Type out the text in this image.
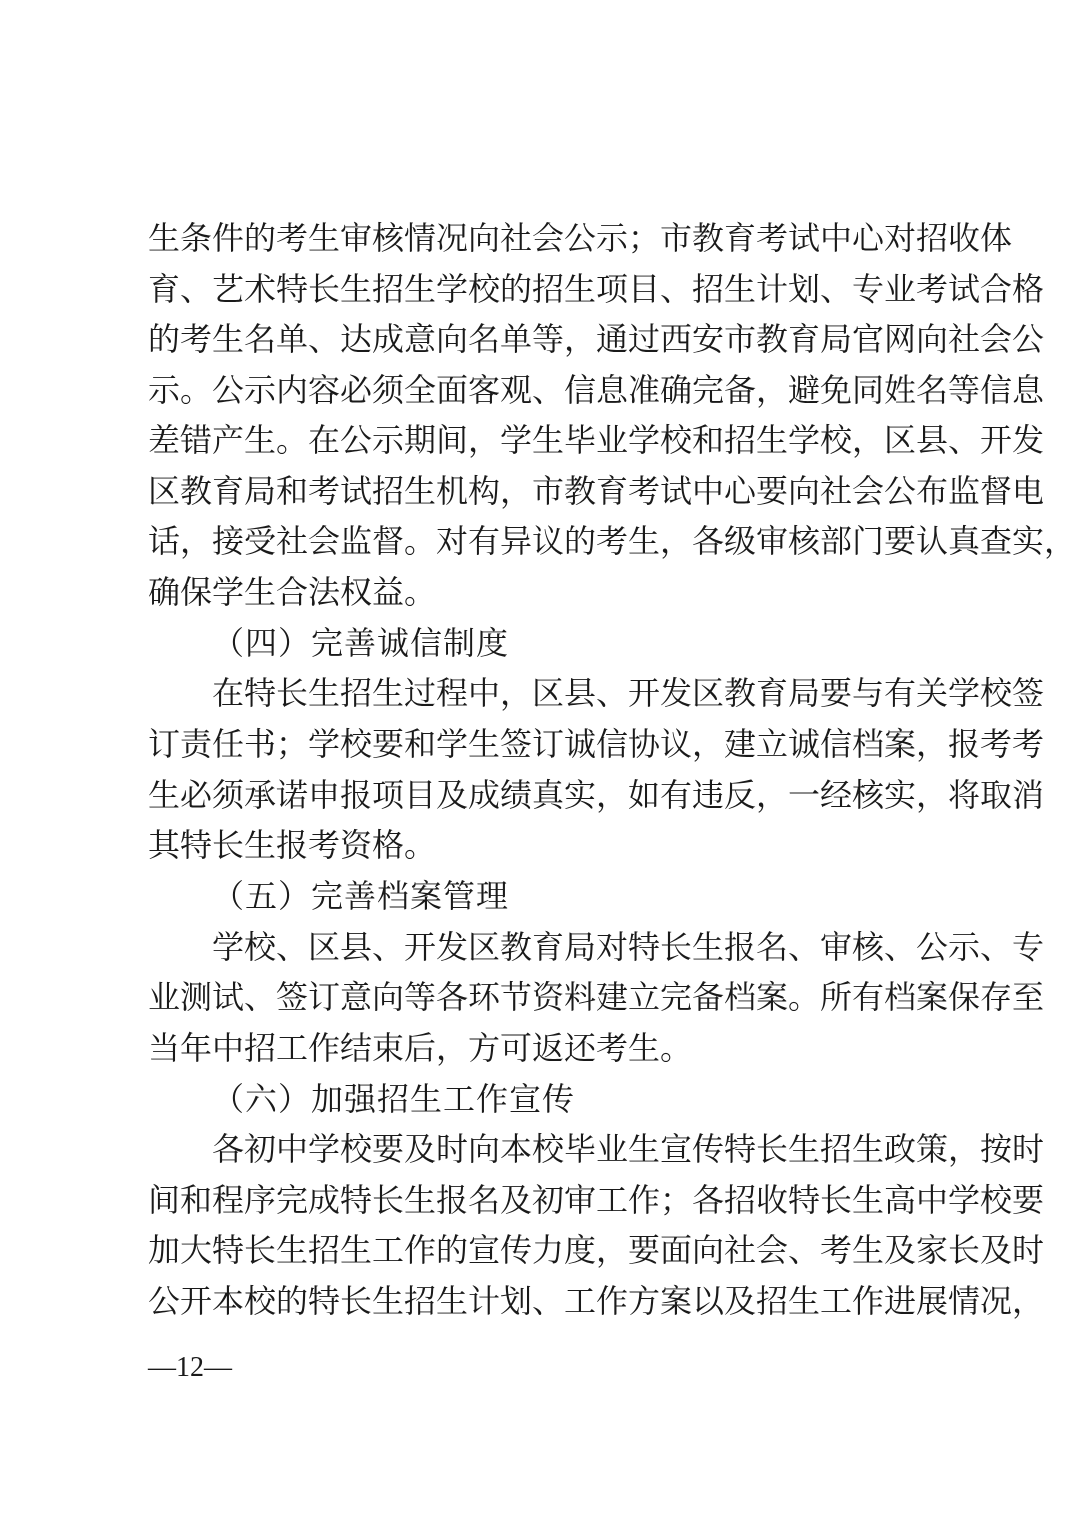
生条件的考生审核情况向社会公示；市教育考试中心对招收体
育、艺术特长生招生学校的招生项目、招生计划、专业考试合格
的考生名单、达成意向名单等，通过西安市教育局官网向社会公
示。公示内容必须全面客观、信息准确完备，避免同姓名等信息
差错产生。在公示期间，学生毕业学校和招生学校，区县、开发
区教育局和考试招生机构，市教育考试中心要向社会公布监督电
话，接受社会监督。对有异议的考生，各级审核部门要认真查实，
确保学生合法权益。
（四）完善诚信制度
在特长生招生过程中，区县、开发区教育局要与有关学校签
订责任书；学校要和学生签订诚信协议，建立诚信档案，报考考
生必须承诺申报项目及成绩真实，如有违反，一经核实，将取消
其特长生报考资格。
（五）完善档案管理
学校、区县、开发区教育局对特长生报名、审核、公示、专
业测试、签订意向等各环节资料建立完备档案。所有档案保存至
当年中招工作结束后，方可返还考生。
（六）加强招生工作宣传
各初中学校要及时向本校毕业生宣传特长生招生政策，按时
间和程序完成特长生报名及初审工作；各招收特长生高中学校要
加大特长生招生工作的宣传力度，要面向社会、考生及家长及时
公开本校的特长生招生计划、工作方案以及招生工作进展情况，
—12—
